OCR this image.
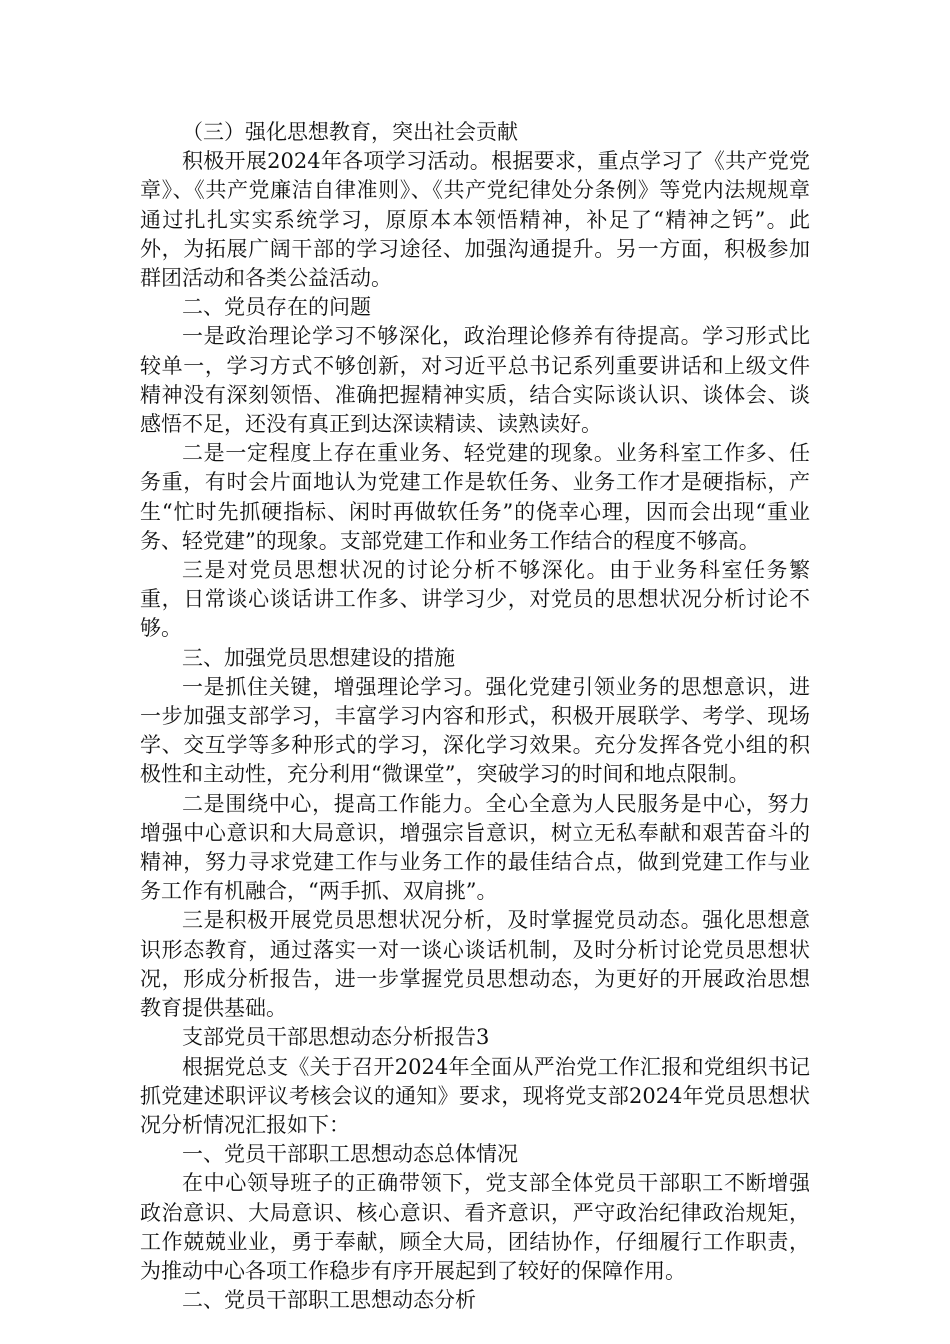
（三）强化思想教育，突出社会贡献

积极开展2024年各项学习活动。根据要求，重点学习了《共产党党章》、《共产党廉洁自律准则》、《共产党纪律处分条例》等党内法规规章通过扎扎实实系统学习，原原本本领悟精神，补足了“精神之钙”。此外，为拓展广阔干部的学习途径、加强沟通提升。另一方面，积极参加群团活动和各类公益活动。

二、党员存在的问题

一是政治理论学习不够深化，政治理论修养有待提高。学习形式比较单一，学习方式不够创新，对习近平总书记系列重要讲话和上级文件精神没有深刻领悟、准确把握精神实质，结合实际谈认识、谈体会、谈感悟不足，还没有真正到达深读精读、读熟读好。

二是一定程度上存在重业务、轻党建的现象。业务科室工作多、任务重，有时会片面地认为党建工作是软任务、业务工作才是硬指标，产生“忙时先抓硬指标、闲时再做软任务”的侥幸心理，因而会出现“重业务、轻党建”的现象。支部党建工作和业务工作结合的程度不够高。

三是对党员思想状况的讨论分析不够深化。由于业务科室任务繁重，日常谈心谈话讲工作多、讲学习少，对党员的思想状况分析讨论不够。

三、加强党员思想建设的措施

一是抓住关键，增强理论学习。强化党建引领业务的思想意识，进一步加强支部学习，丰富学习内容和形式，积极开展联学、考学、现场学、交互学等多种形式的学习，深化学习效果。充分发挥各党小组的积极性和主动性，充分利用“微课堂”，突破学习的时间和地点限制。

二是围绕中心，提高工作能力。全心全意为人民服务是中心，努力增强中心意识和大局意识，增强宗旨意识，树立无私奉献和艰苦奋斗的精神，努力寻求党建工作与业务工作的最佳结合点，做到党建工作与业务工作有机融合，“两手抓、双肩挑”。

三是积极开展党员思想状况分析，及时掌握党员动态。强化思想意识形态教育，通过落实一对一谈心谈话机制，及时分析讨论党员思想状况，形成分析报告，进一步掌握党员思想动态，为更好的开展政治思想教育提供基础。

支部党员干部思想动态分析报告3

根据党总支《关于召开2024年全面从严治党工作汇报和党组织书记抓党建述职评议考核会议的通知》要求，现将党支部2024年党员思想状况分析情况汇报如下：

一、党员干部职工思想动态总体情况

在中心领导班子的正确带领下，党支部全体党员干部职工不断增强政治意识、大局意识、核心意识、看齐意识，严守政治纪律政治规矩，工作兢兢业业，勇于奉献，顾全大局，团结协作，仔细履行工作职责，为推动中心各项工作稳步有序开展起到了较好的保障作用。

二、党员干部职工思想动态分析
